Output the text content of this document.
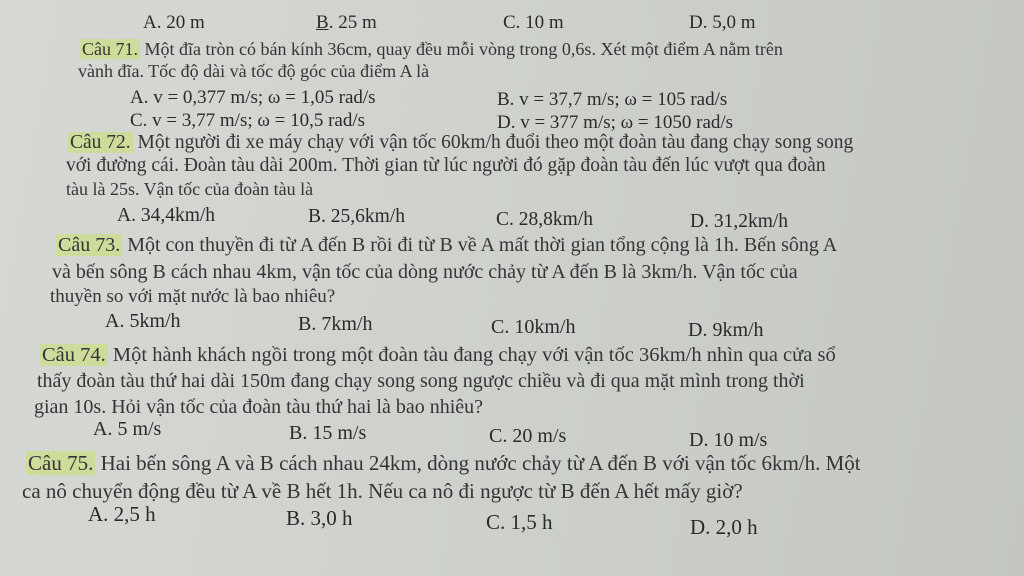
A. 20 m	B. 25 m	C. 10 m	D. 5,0 m
Câu 71. Một đĩa tròn có bán kính 36cm, quay đều mỗi vòng trong 0,6s. Xét một điểm A nằm trên
vành đĩa. Tốc độ dài và tốc độ góc của điểm A là
A. v = 0,377 m/s; ω = 1,05 rad/s	B. v = 37,7 m/s; ω = 105 rad/s
C. v = 3,77 m/s; ω = 10,5 rad/s	D. v = 377 m/s; ω = 1050 rad/s
Câu 72. Một người đi xe máy chạy với vận tốc 60km/h đuổi theo một đoàn tàu đang chạy song song
với đường cái. Đoàn tàu dài 200m. Thời gian từ lúc người đó gặp đoàn tàu đến lúc vượt qua đoàn
tàu là 25s. Vận tốc của đoàn tàu là
A. 34,4km/h	B. 25,6km/h	C. 28,8km/h	D. 31,2km/h
Câu 73. Một con thuyền đi từ A đến B rồi đi từ B về A mất thời gian tổng cộng là 1h. Bến sông A
và bến sông B cách nhau 4km, vận tốc của dòng nước chảy từ A đến B là 3km/h. Vận tốc của
thuyền so với mặt nước là bao nhiêu?
A. 5km/h	B. 7km/h	C. 10km/h	D. 9km/h
Câu 74. Một hành khách ngồi trong một đoàn tàu đang chạy với vận tốc 36km/h nhìn qua cửa sổ
thấy đoàn tàu thứ hai dài 150m đang chạy song song ngược chiều và đi qua mặt mình trong thời
gian 10s. Hỏi vận tốc của đoàn tàu thứ hai là bao nhiêu?
A. 5 m/s	B. 15 m/s	C. 20 m/s	D. 10 m/s
Câu 75. Hai bến sông A và B cách nhau 24km, dòng nước chảy từ A đến B với vận tốc 6km/h. Một
ca nô chuyển động đều từ A về B hết 1h. Nếu ca nô đi ngược từ B đến A hết mấy giờ?
A. 2,5 h	B. 3,0 h	C. 1,5 h	D. 2,0 h
